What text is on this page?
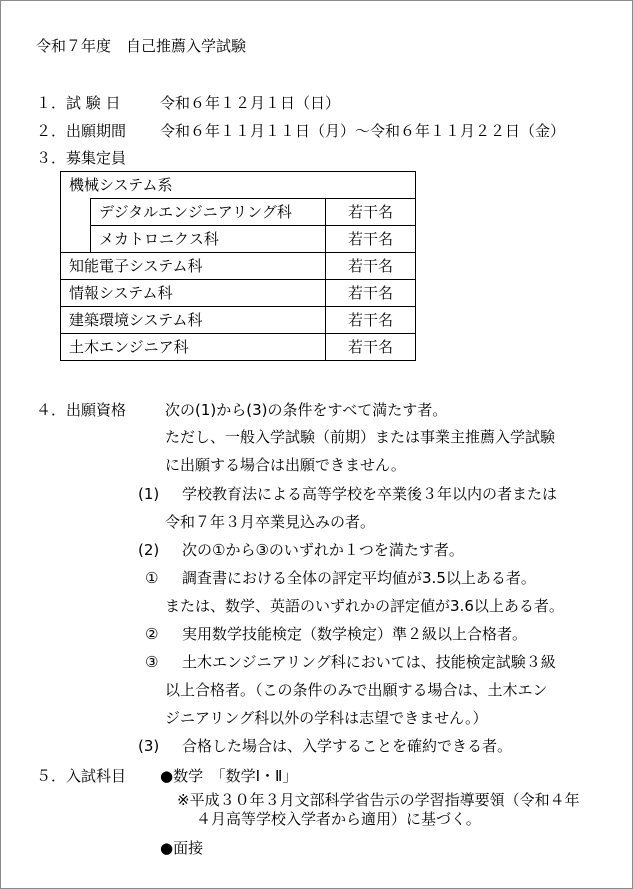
令和７年度　自己推薦入学試験
１．試 験 日	令和６年１２月１日（日）
２．出願期間 令和６年１１月１１日（月）～令和６年１１月２２日（金）
３．募集定員
機械システム系		
	デジタルエンジニアリング科	若干名
	メカトロニクス科	若干名
知能電子システム科		若干名
情報システム科		若干名
建築環境システム科		若干名
土木エンジニア科		若干名
４．出願資格	次の(1)から(3)の条件をすべて満たす者。
ただし、一般入学試験（前期）または事業主推薦入学試験
に出願する場合は出願できません。
(1) 学校教育法による高等学校を卒業後３年以内の者または
令和７年３月卒業見込みの者。
(2) 次の①から③のいずれか１つを満たす者。
① 調査書における全体の評定平均値が3.5以上ある者。
または、数学、英語のいずれかの評定値が3.6以上ある者。
② 実用数学技能検定（数学検定）準２級以上合格者。
③ 土木エンジニアリング科においては、技能検定試験３級
以上合格者。（この条件のみで出願する場合は、土木エン
ジニアリング科以外の学科は志望できません。）
(3) 合格した場合は、入学することを確約できる者。
５．入試科目 ●数学　「数学Ⅰ・Ⅱ」
※平成３０年３月文部科学省告示の学習指導要領（令和４年
４月高等学校入学者から適用）に基づく。
●面接
